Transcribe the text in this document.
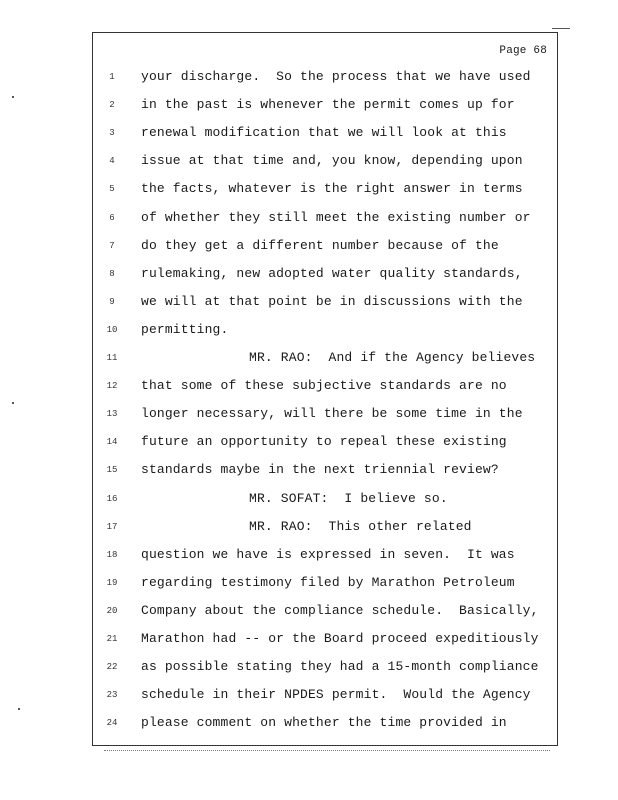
Page 68
1	your discharge.  So the process that we have used
2	in the past is whenever the permit comes up for
3	renewal modification that we will look at this
4	issue at that time and, you know, depending upon
5	the facts, whatever is the right answer in terms
6	of whether they still meet the existing number or
7	do they get a different number because of the
8	rulemaking, new adopted water quality standards,
9	we will at that point be in discussions with the
10	permitting.
11	MR. RAO:  And if the Agency believes
12	that some of these subjective standards are no
13	longer necessary, will there be some time in the
14	future an opportunity to repeal these existing
15	standards maybe in the next triennial review?
16	MR. SOFAT:  I believe so.
17	MR. RAO:  This other related
18	question we have is expressed in seven.  It was
19	regarding testimony filed by Marathon Petroleum
20	Company about the compliance schedule.  Basically,
21	Marathon had -- or the Board proceed expeditiously
22	as possible stating they had a 15-month compliance
23	schedule in their NPDES permit.  Would the Agency
24	please comment on whether the time provided in
